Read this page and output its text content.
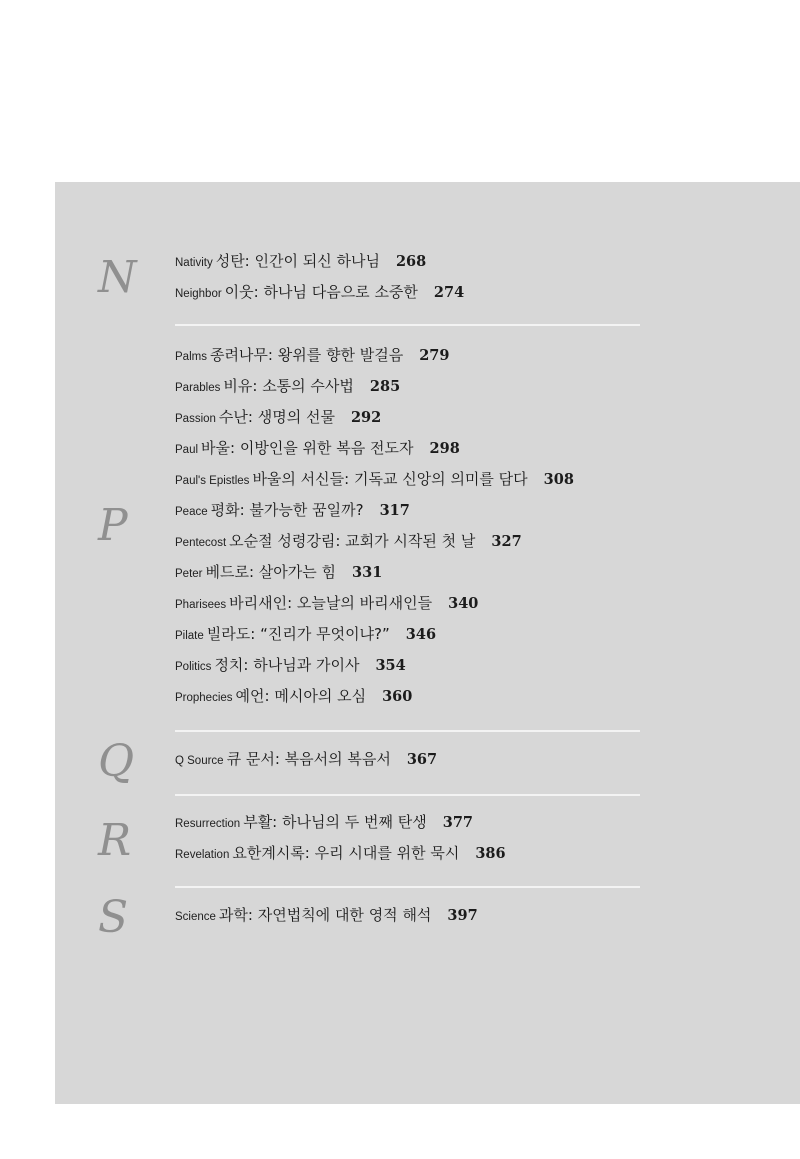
N	Nativity 성탄: 인간이 되신 하나님 268
Neighbor 이웃: 하나님 다음으로 소중한 274
P
Palms 종려나무: 왕위를 향한 발걸음 279
Parables 비유: 소통의 수사법 285
Passion 수난: 생명의 선물 292
Paul 바울: 이방인을 위한 복음 전도자 298
Paul's Epistles 바울의 서신들: 기독교 신앙의 의미를 담다 308
Peace 평화: 불가능한 꿈일까? 317
Pentecost 오순절 성령강림: 교회가 시작된 첫 날 327
Peter 베드로: 살아가는 힘 331
Pharisees 바리새인: 오늘날의 바리새인들 340
Pilate 빌라도: “진리가 무엇이냐?” 346
Politics 정치: 하나님과 가이사 354
Prophecies 예언: 메시아의 오심 360
Q	Q Source 큐 문서: 복음서의 복음서 367
R	Resurrection 부활: 하나님의 두 번째 탄생 377
Revelation 요한계시록: 우리 시대를 위한 묵시 386
S	Science 과학: 자연법칙에 대한 영적 해석 397
